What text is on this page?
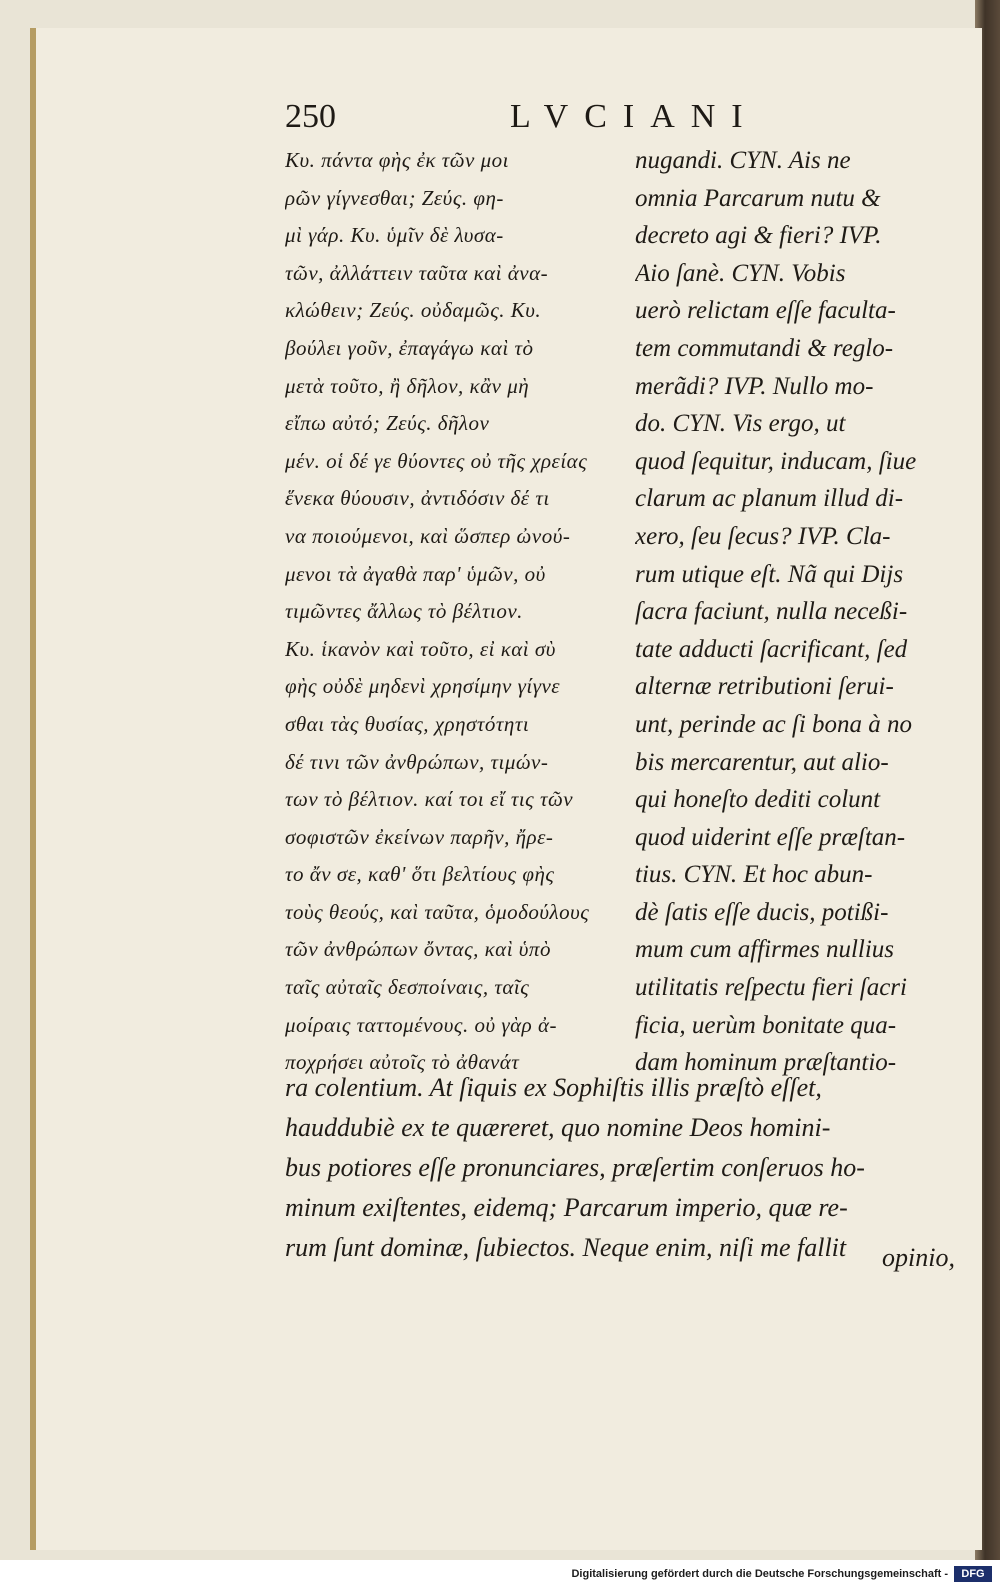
250	LVCIANI
Κυ. πάντα φὴς ἐκ τῶν μοι
ρῶν γίγνεσθαι; Ζεύς. φη-
μὶ γάρ. Κυ. ὑμῖν δὲ λυσα-
τῶν, ἀλλάττειν ταῦτα καὶ ἀνα-
κλώθειν; Ζεύς. οὐδαμῶς. Κυ.
βούλει γοῦν, ἐπαγάγω καὶ τὸ
μετὰ τοῦτο, ἢ δῆλον, κἂν μὴ
εἴπω αὐτό; Ζεύς. δῆλον
μέν. οἱ δέ γε θύοντες οὐ τῆς χρείας
ἕνεκα θύουσιν, ἀντιδόσιν δέ τι
να ποιούμενοι, καὶ ὥσπερ ὠνού-
μενοι τὰ ἀγαθὰ παρ' ὑμῶν, οὐ
τιμῶντες ἄλλως τὸ βέλτιον.
Κυ. ἱκανὸν καὶ τοῦτο, εἰ καὶ σὺ
φὴς οὐδὲ μηδενὶ χρησίμην γίγνε
σθαι τὰς θυσίας, χρηστότητι
δέ τινι τῶν ἀνθρώπων, τιμών-
των τὸ βέλτιον. καί τοι εἴ τις τῶν
σοφιστῶν ἐκείνων παρῆν, ἤρε-
το ἄν σε, καθ' ὅτι βελτίους φὴς
τοὺς θεούς, καὶ ταῦτα, ὁμοδούλους
τῶν ἀνθρώπων ὄντας, καὶ ὑπὸ
ταῖς αὐταῖς δεσποίναις, ταῖς
μοίραις ταττομένους. οὐ γὰρ ἀ-
ποχρήσει αὐτοῖς τὸ ἀθανάτ
nugandi. CYN. Ais ne
omnia Parcarum nutu &
decreto agi & fieri? IVP.
Aio ſanè. CYN. Vobis
uerò relictam eſſe faculta-
tem commutandi & reglo-
merãdi? IVP. Nullo mo-
do. CYN. Vis ergo, ut
quod ſequitur, inducam, ſiue
clarum ac planum illud di-
xero, ſeu ſecus? IVP. Cla-
rum utique eſt. Nã qui Dijs
ſacra faciunt, nulla neceßi-
tate adducti ſacrificant, ſed
alternæ retributioni ſerui-
unt, perinde ac ſi bona à no
bis mercarentur, aut alio-
qui honeſto dediti colunt
quod uiderint eſſe præſtan-
tius. CYN. Et hoc abun-
dè ſatis eſſe ducis, potißi-
mum cum affirmes nullius
utilitatis reſpectu fieri ſacri
ficia, uerùm bonitate qua-
dam hominum præſtantio-
ra colentium. At ſiquis ex Sophiſtis illis præſtò eſſet,
hauddubiè ex te quæreret, quo nomine Deos homini-
bus potiores eſſe pronunciares, præſertim conſeruos ho-
minum exiſtentes, eidemq; Parcarum imperio, quæ re-
rum ſunt dominæ, ſubiectos. Neque enim, niſi me fallit	opinio,
Digitalisierung gefördert durch die Deutsche Forschungsgemeinschaft -	DFG
